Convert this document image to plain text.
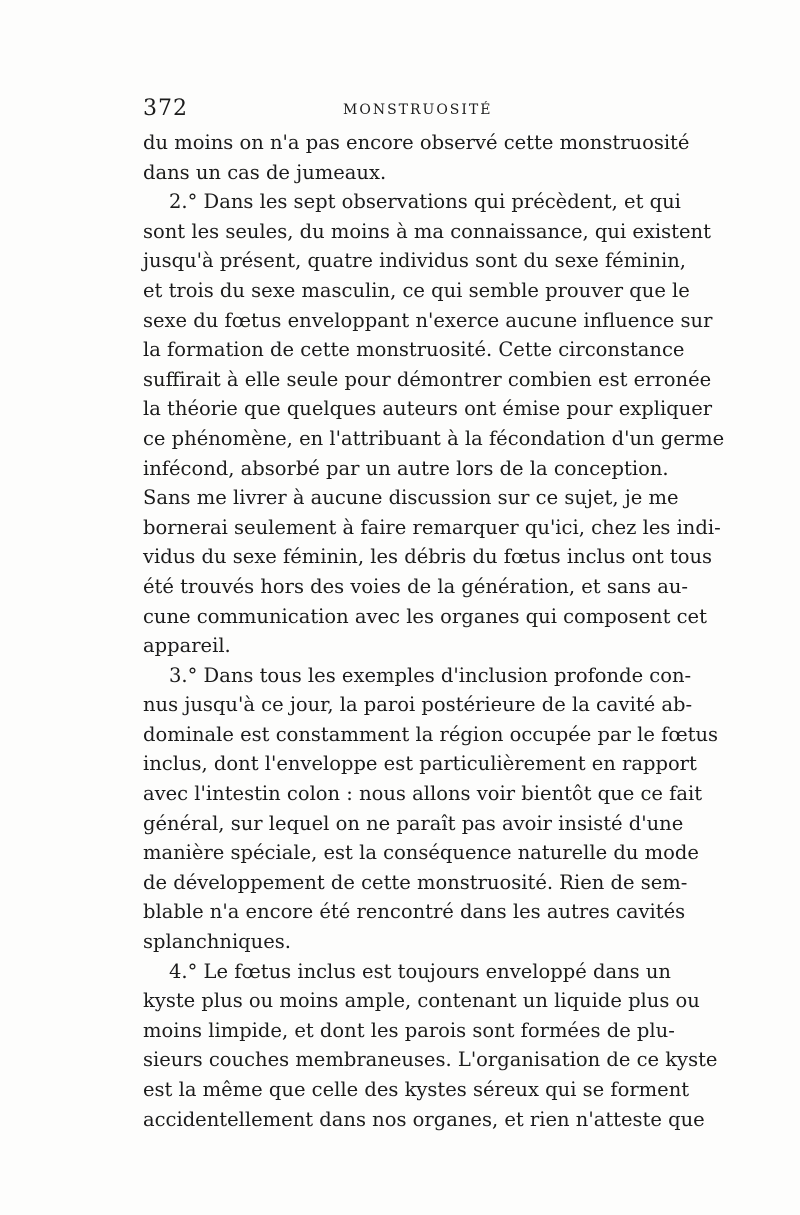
372	MONSTRUOSITÉ
du moins on n'a pas encore observé cette monstruosité
dans un cas de jumeaux.
2.° Dans les sept observations qui précèdent, et qui
sont les seules, du moins à ma connaissance, qui existent
jusqu'à présent, quatre individus sont du sexe féminin,
et trois du sexe masculin, ce qui semble prouver que le
sexe du fœtus enveloppant n'exerce aucune influence sur
la formation de cette monstruosité. Cette circonstance
suffirait à elle seule pour démontrer combien est erronée
la théorie que quelques auteurs ont émise pour expliquer
ce phénomène, en l'attribuant à la fécondation d'un germe
infécond, absorbé par un autre lors de la conception.
Sans me livrer à aucune discussion sur ce sujet, je me
bornerai seulement à faire remarquer qu'ici, chez les indi-
vidus du sexe féminin, les débris du fœtus inclus ont tous
été trouvés hors des voies de la génération, et sans au-
cune communication avec les organes qui composent cet
appareil.
3.° Dans tous les exemples d'inclusion profonde con-
nus jusqu'à ce jour, la paroi postérieure de la cavité ab-
dominale est constamment la région occupée par le fœtus
inclus, dont l'enveloppe est particulièrement en rapport
avec l'intestin colon : nous allons voir bientôt que ce fait
général, sur lequel on ne paraît pas avoir insisté d'une
manière spéciale, est la conséquence naturelle du mode
de développement de cette monstruosité. Rien de sem-
blable n'a encore été rencontré dans les autres cavités
splanchniques.
4.° Le fœtus inclus est toujours enveloppé dans un
kyste plus ou moins ample, contenant un liquide plus ou
moins limpide, et dont les parois sont formées de plu-
sieurs couches membraneuses. L'organisation de ce kyste
est la même que celle des kystes séreux qui se forment
accidentellement dans nos organes, et rien n'atteste que
